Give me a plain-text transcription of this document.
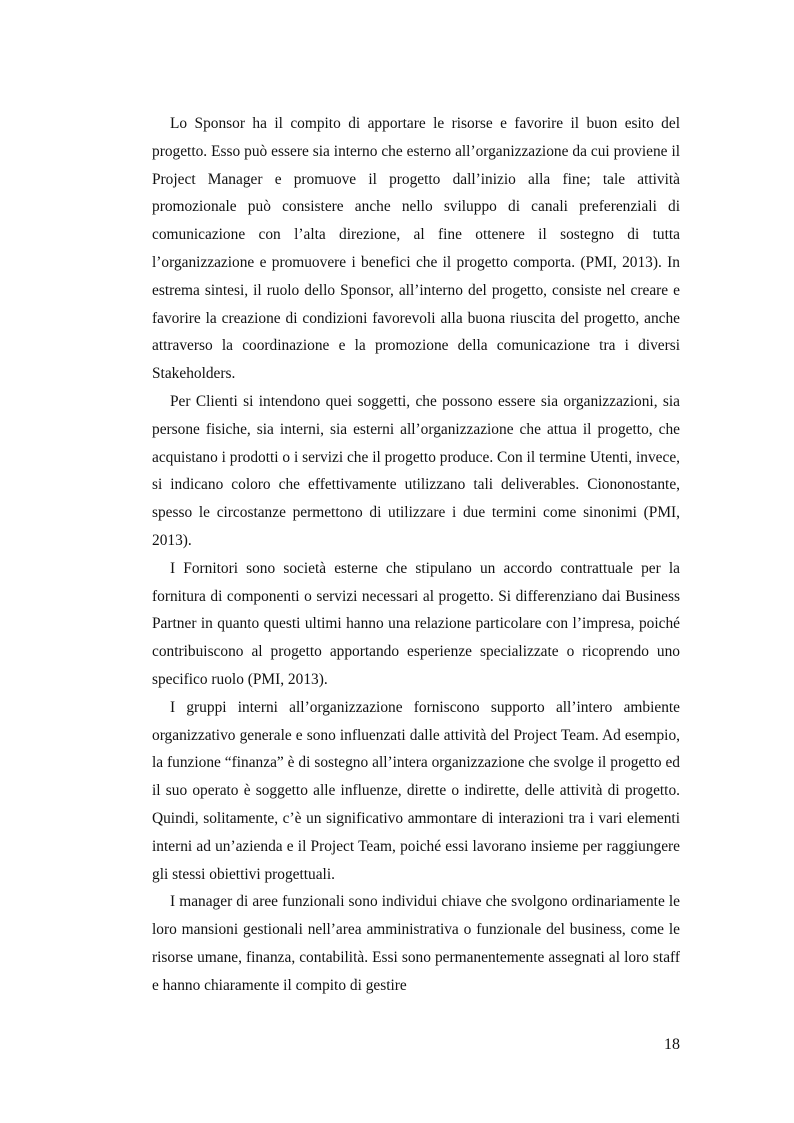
Lo Sponsor ha il compito di apportare le risorse e favorire il buon esito del progetto. Esso può essere sia interno che esterno all’organizzazione da cui proviene il Project Manager e promuove il progetto dall’inizio alla fine; tale attività promozionale può consistere anche nello sviluppo di canali preferenziali di comunicazione con l’alta direzione, al fine ottenere il sostegno di tutta l’organizzazione e promuovere i benefici che il progetto comporta. (PMI, 2013). In estrema sintesi, il ruolo dello Sponsor, all’interno del progetto, consiste nel creare e favorire la creazione di condizioni favorevoli alla buona riuscita del progetto, anche attraverso la coordinazione e la promozione della comunicazione tra i diversi Stakeholders.

Per Clienti si intendono quei soggetti, che possono essere sia organizzazioni, sia persone fisiche, sia interni, sia esterni all’organizzazione che attua il progetto, che acquistano i prodotti o i servizi che il progetto produce. Con il termine Utenti, invece, si indicano coloro che effettivamente utilizzano tali deliverables. Ciononostante, spesso le circostanze permettono di utilizzare i due termini come sinonimi (PMI, 2013).

I Fornitori sono società esterne che stipulano un accordo contrattuale per la fornitura di componenti o servizi necessari al progetto. Si differenziano dai Business Partner in quanto questi ultimi hanno una relazione particolare con l’impresa, poiché contribuiscono al progetto apportando esperienze specializzate o ricoprendo uno specifico ruolo (PMI, 2013).

I gruppi interni all’organizzazione forniscono supporto all’intero ambiente organizzativo generale e sono influenzati dalle attività del Project Team. Ad esempio, la funzione “finanza” è di sostegno all’intera organizzazione che svolge il progetto ed il suo operato è soggetto alle influenze, dirette o indirette, delle attività di progetto. Quindi, solitamente, c’è un significativo ammontare di interazioni tra i vari elementi interni ad un’azienda e il Project Team, poiché essi lavorano insieme per raggiungere gli stessi obiettivi progettuali.

I manager di aree funzionali sono individui chiave che svolgono ordinariamente le loro mansioni gestionali nell’area amministrativa o funzionale del business, come le risorse umane, finanza, contabilità. Essi sono permanentemente assegnati al loro staff e hanno chiaramente il compito di gestire

18
